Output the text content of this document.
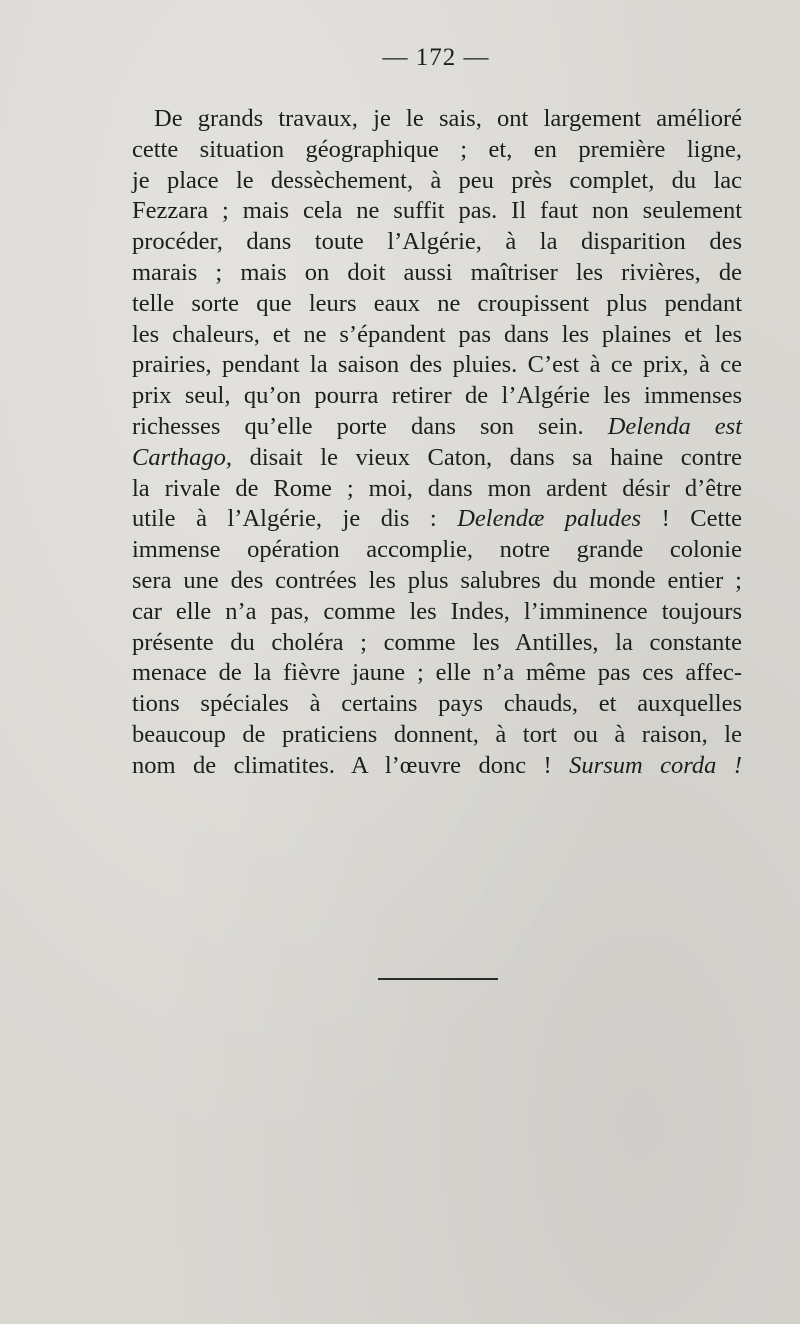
— 172 —
De grands travaux, je le sais, ont largement amélioré
cette situation géographique ; et, en première ligne,
je place le dessèchement, à peu près complet, du lac
Fezzara ; mais cela ne suffit pas. Il faut non seulement
procéder, dans toute l’Algérie, à la disparition des
marais ; mais on doit aussi maîtriser les rivières, de
telle sorte que leurs eaux ne croupissent plus pendant
les chaleurs, et ne s’épandent pas dans les plaines et les
prairies, pendant la saison des pluies. C’est à ce prix, à ce
prix seul, qu’on pourra retirer de l’Algérie les immenses
richesses qu’elle porte dans son sein. Delenda est
Carthago, disait le vieux Caton, dans sa haine contre
la rivale de Rome ; moi, dans mon ardent désir d’être
utile à l’Algérie, je dis : Delendæ paludes ! Cette
immense opération accomplie, notre grande colonie
sera une des contrées les plus salubres du monde entier ;
car elle n’a pas, comme les Indes, l’imminence toujours
présente du choléra ; comme les Antilles, la constante
menace de la fièvre jaune ; elle n’a même pas ces affec-
tions spéciales à certains pays chauds, et auxquelles
beaucoup de praticiens donnent, à tort ou à raison, le
nom de climatites. A l’œuvre donc ! Sursum corda !
